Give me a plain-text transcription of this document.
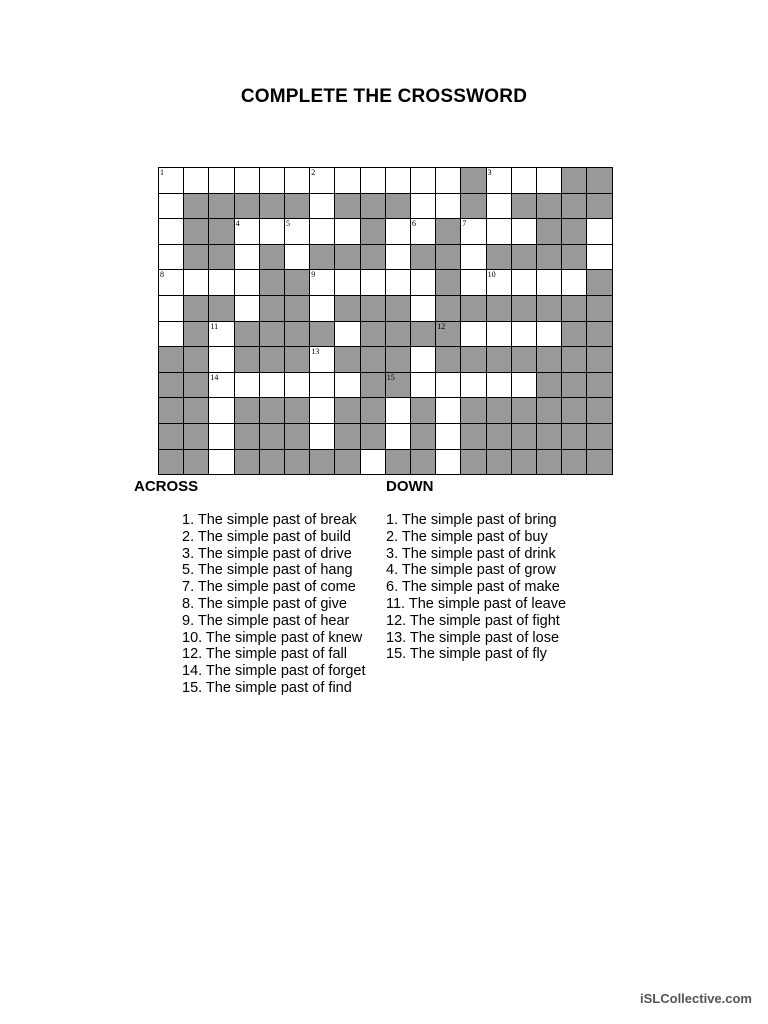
COMPLETE THE CROSSWORD
1	2	3
4	5	6	7
8	9	10
11	12
13
14	15
ACROSS	DOWN
1. The simple past of break
2. The simple past of build
3. The simple past of drive
5. The simple past of hang
7. The simple past of come
8. The simple past of give
9. The simple past of hear
10. The simple past of knew
12. The simple past of fall
14. The simple past of forget
15. The simple past of find
1. The simple past of bring
2. The simple past of buy
3. The simple past of drink
4. The simple past of grow
6. The simple past of make
11. The simple past of leave
12. The simple past of fight
13. The simple past of lose
15. The simple past of fly
iSLCollective.com
